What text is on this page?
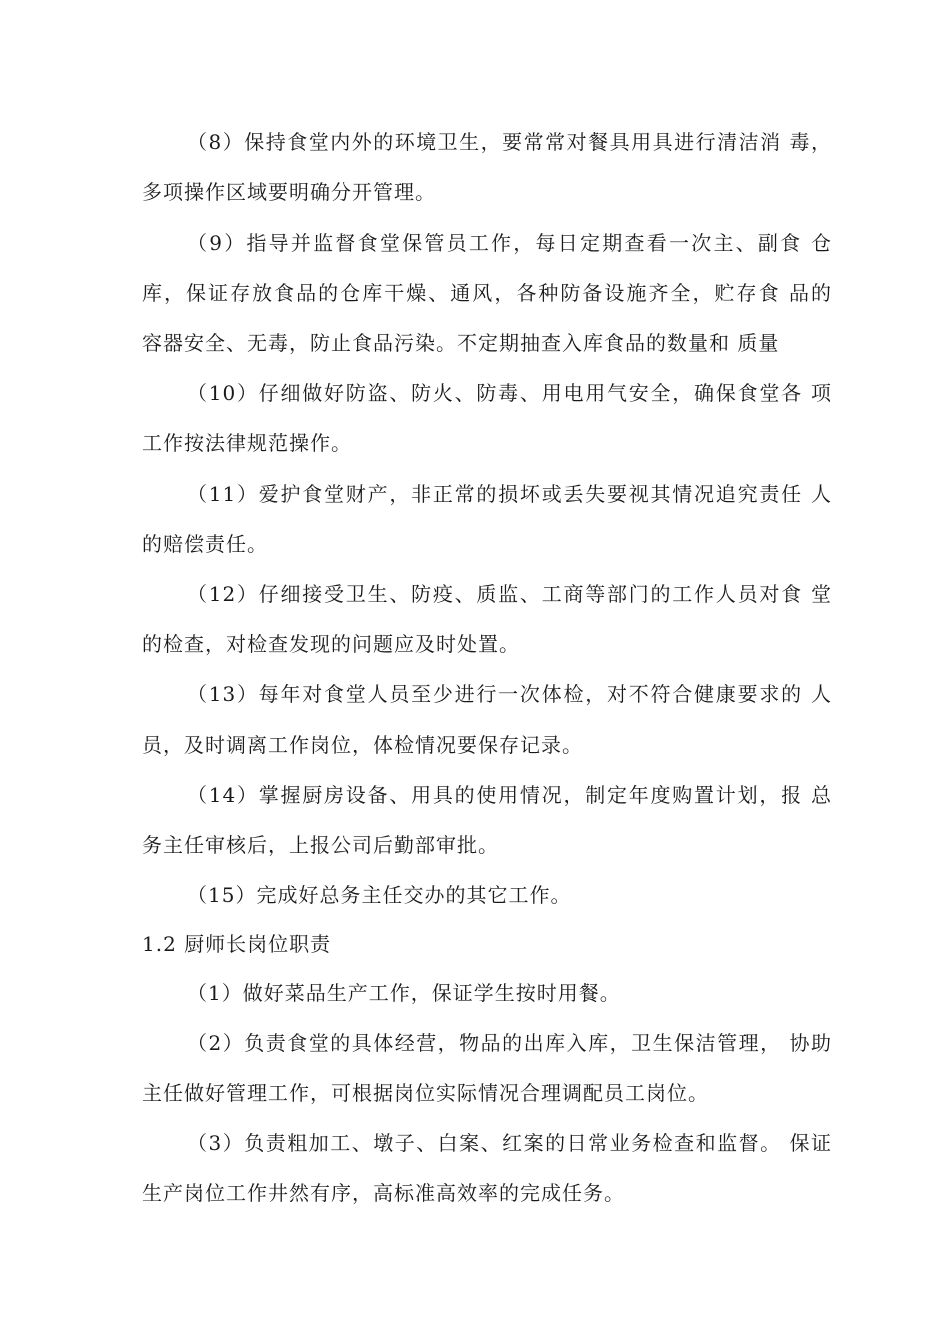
（8）保持食堂内外的环境卫生，要常常对餐具用具进行清洁消 毒，
多项操作区域要明确分开管理。
（9）指导并监督食堂保管员工作，每日定期查看一次主、副食 仓
库，保证存放食品的仓库干燥、通风，各种防备设施齐全，贮存食 品的
容器安全、无毒，防止食品污染。不定期抽查入库食品的数量和 质量
（10）仔细做好防盗、防火、防毒、用电用气安全，确保食堂各 项
工作按法律规范操作。
（11）爱护食堂财产，非正常的损坏或丢失要视其情况追究责任 人
的赔偿责任。
（12）仔细接受卫生、防疫、质监、工商等部门的工作人员对食 堂
的检查，对检查发现的问题应及时处置。
（13）每年对食堂人员至少进行一次体检，对不符合健康要求的 人
员，及时调离工作岗位，体检情况要保存记录。
（14）掌握厨房设备、用具的使用情况，制定年度购置计划，报 总
务主任审核后，上报公司后勤部审批。
（15）完成好总务主任交办的其它工作。
1.2 厨师长岗位职责
（1）做好菜品生产工作，保证学生按时用餐。
（2）负责食堂的具体经营，物品的出库入库，卫生保洁管理， 协助
主任做好管理工作，可根据岗位实际情况合理调配员工岗位。
（3）负责粗加工、墩子、白案、红案的日常业务检查和监督。 保证
生产岗位工作井然有序，高标准高效率的完成任务。
